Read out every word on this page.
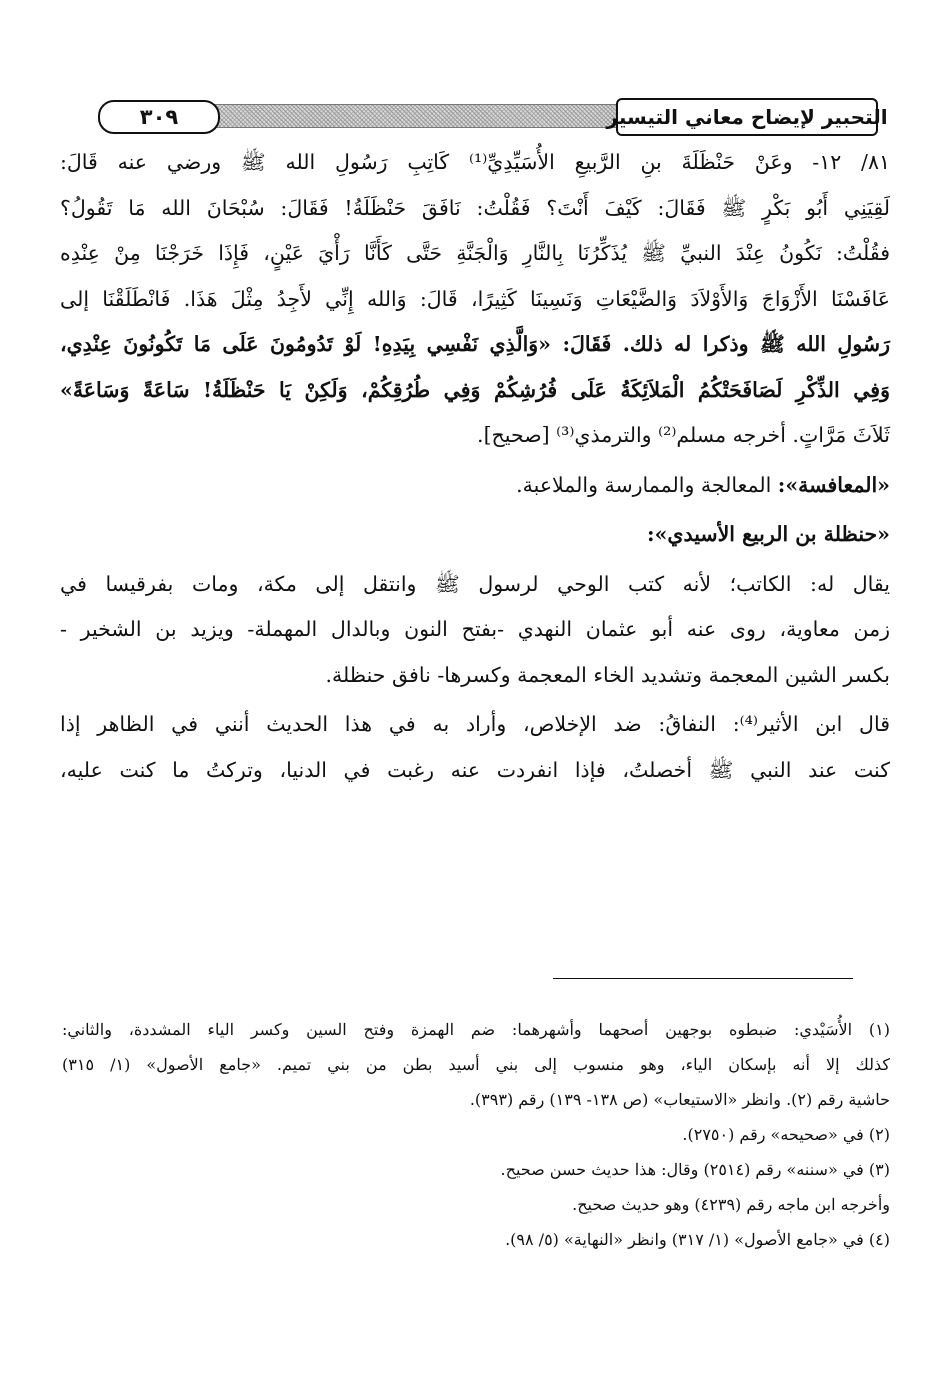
التحبير لإيضاح معاني التيسير
٣٠٩
٨١/ ١٢- وعَنْ حَنْظَلَةَ بنِ الرَّبيعِ الأُسَيِّدِيِّ⁽¹⁾ كَاتِبِ رَسُولِ الله ﷺ ورضي عنه قَالَ:
لَقِيَنِي أَبُو بَكْرٍ ﷺ فَقَالَ: كَيْفَ أَنْتَ؟ فَقُلْتُ: نَافَقَ حَنْظَلَةُ! فَقَالَ: سُبْحَانَ الله مَا تَقُولُ؟
فقُلْتُ: نَكُونُ عِنْدَ النبيِّ ﷺ يُذَكِّرُنَا بِالنَّارِ وَالْجَنَّةِ حَتَّى كَأَنَّا رَأْيَ عَيْنٍ، فَإِذَا خَرَجْنَا مِنْ عِنْدِه
عَافَسْنَا الأَزْوَاجَ وَالأَوْلاَدَ وَالضَّيْعَاتِ وَنَسِينَا كَثِيرًا، قَالَ: وَالله إِنِّي لأَجِدُ مِثْلَ هَذَا. فَانْطَلَقْنَا إلى
رَسُولِ الله ﷺ وذكرا له ذلك. فَقَالَ: «وَالَّذِي نَفْسِي بِيَدِهِ! لَوْ تَدُومُونَ عَلَى مَا تَكُونُونَ عِنْدِي،
وَفِي الذِّكْرِ لَصَافَحَتْكُمُ الْمَلاَئِكَةُ عَلَى فُرُشِكُمْ وَفِي طُرُقِكُمْ، وَلَكِنْ يَا حَنْظَلَةُ! سَاعَةً وَسَاعَةً»
ثَلاَثَ مَرَّاتٍ. أخرجه مسلم⁽²⁾ والترمذي⁽³⁾ [صحيح].
«المعافسة»: المعالجة والممارسة والملاعبة.
«حنظلة بن الربيع الأسيدي»:
يقال له: الكاتب؛ لأنه كتب الوحي لرسول ﷺ وانتقل إلى مكة، ومات بفرقيسا في
زمن معاوية، روى عنه أبو عثمان النهدي -بفتح النون وبالدال المهملة- ويزيد بن الشخير -
بكسر الشين المعجمة وتشديد الخاء المعجمة وكسرها- نافق حنظلة.
قال ابن الأثير⁽⁴⁾: النفاقُ: ضد الإخلاص، وأراد به في هذا الحديث أنني في الظاهر إذا
كنت عند النبي ﷺ أخصلتُ، فإذا انفردت عنه رغبت في الدنيا، وتركتُ ما كنت عليه،
(١) الأُسَيْدي: ضبطوه بوجهين أصحهما وأشهرهما: ضم الهمزة وفتح السين وكسر الياء المشددة، والثاني:
كذلك إلا أنه بإسكان الياء، وهو منسوب إلى بني أسيد بطن من بني تميم. «جامع الأصول» (١/ ٣١٥)
حاشية رقم (٢). وانظر «الاستيعاب» (ص ١٣٨- ١٣٩) رقم (٣٩٣).
(٢) في «صحيحه» رقم (٢٧٥٠).
(٣) في «سننه» رقم (٢٥١٤) وقال: هذا حديث حسن صحيح.
وأخرجه ابن ماجه رقم (٤٢٣٩) وهو حديث صحيح.
(٤) في «جامع الأصول» (١/ ٣١٧) وانظر «النهاية» (٥/ ٩٨).
